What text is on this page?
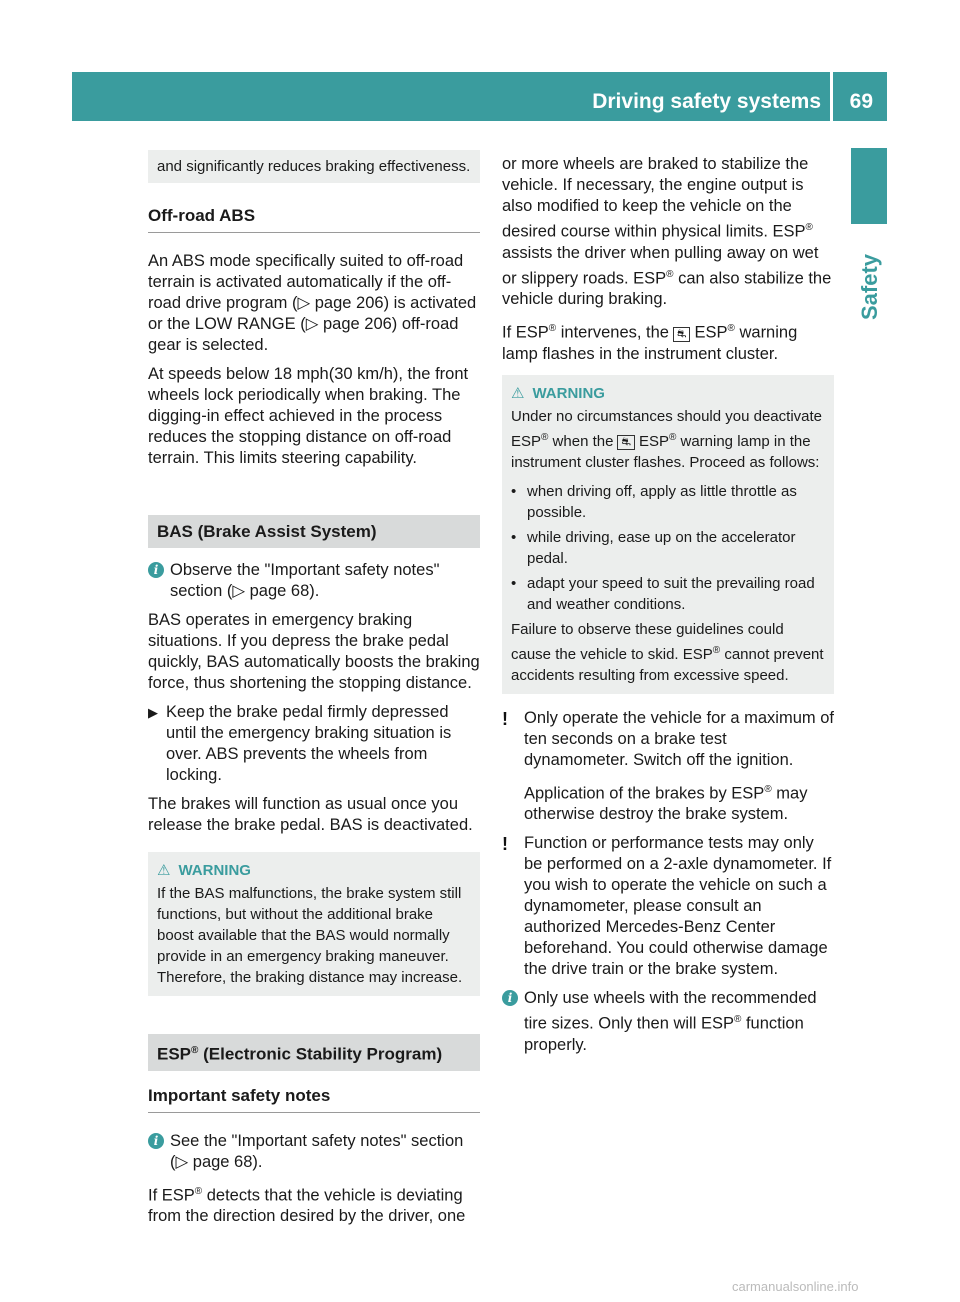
Driving safety systems 69
Safety
and significantly reduces braking effectiveness.
Off-road ABS

An ABS mode specifically suited to off-road terrain is activated automatically if the off-road drive program (▷ page 206) is activated or the LOW RANGE (▷ page 206) off-road gear is selected.

At speeds below 18 mph(30 km/h), the front wheels lock periodically when braking. The digging-in effect achieved in the process reduces the stopping distance on off-road terrain. This limits steering capability.

BAS (Brake Assist System)

i Observe the "Important safety notes" section (▷ page 68).

BAS operates in emergency braking situations. If you depress the brake pedal quickly, BAS automatically boosts the braking force, thus shortening the stopping distance.

▶ Keep the brake pedal firmly depressed until the emergency braking situation is over. ABS prevents the wheels from locking.

The brakes will function as usual once you release the brake pedal. BAS is deactivated.

⚠ WARNING
If the BAS malfunctions, the brake system still functions, but without the additional brake boost available that the BAS would normally provide in an emergency braking maneuver. Therefore, the braking distance may increase.
ESP® (Electronic Stability Program)
Important safety notes

i See the "Important safety notes" section (▷ page 68).

If ESP® detects that the vehicle is deviating from the direction desired by the driver, one

or more wheels are braked to stabilize the vehicle. If necessary, the engine output is also modified to keep the vehicle on the desired course within physical limits. ESP® assists the driver when pulling away on wet or slippery roads. ESP® can also stabilize the vehicle during braking.

If ESP® intervenes, the ⛐ ESP® warning lamp flashes in the instrument cluster.

⚠ WARNING

Under no circumstances should you deactivate ESP® when the ⛐ ESP® warning lamp in the instrument cluster flashes. Proceed as follows:

• when driving off, apply as little throttle as possible.
• while driving, ease up on the accelerator pedal.
• adapt your speed to suit the prevailing road and weather conditions.

Failure to observe these guidelines could cause the vehicle to skid. ESP® cannot prevent accidents resulting from excessive speed.

! Only operate the vehicle for a maximum of ten seconds on a brake test dynamometer. Switch off the ignition.

Application of the brakes by ESP® may otherwise destroy the brake system.

! Function or performance tests may only be performed on a 2-axle dynamometer. If you wish to operate the vehicle on such a dynamometer, please consult an authorized Mercedes-Benz Center beforehand. You could otherwise damage the drive train or the brake system.

i Only use wheels with the recommended tire sizes. Only then will ESP® function properly.

carmanualsonline.info
